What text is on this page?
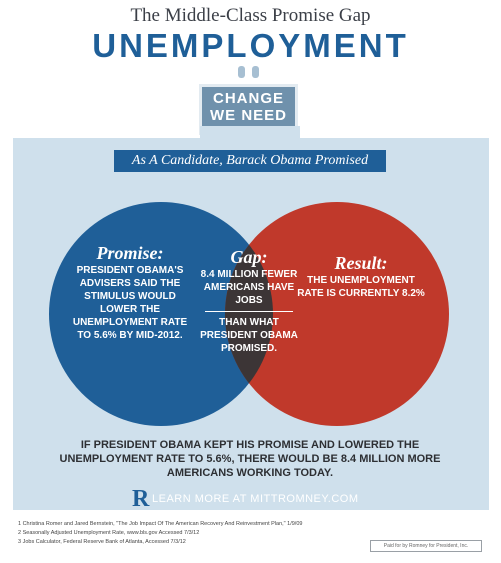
The Middle-Class Promise Gap
UNEMPLOYMENT
CHANGE
WE NEED
As A Candidate, Barack Obama Promised
Promise:
PRESIDENT OBAMA'S ADVISERS SAID THE STIMULUS WOULD
LOWER THE UNEMPLOYMENT RATE TO 5.6% BY MID-2012.
Gap:
8.4 MILLION FEWER AMERICANS HAVE JOBS
THAN WHAT PRESIDENT OBAMA PROMISED.
Result:
THE UNEMPLOYMENT RATE IS CURRENTLY 8.2%
IF PRESIDENT OBAMA KEPT HIS PROMISE AND LOWERED THE UNEMPLOYMENT RATE TO 5.6%, THERE WOULD BE 8.4 MILLION MORE AMERICANS WORKING TODAY.
R LEARN MORE AT MITTROMNEY.COM
1 Christina Romer and Jared Bernstein, "The Job Impact Of The American Recovery And Reinvestment Plan," 1/9/09
2 Seasonally Adjusted Unemployment Rate, www.bls.gov Accessed 7/3/12
3 Jobs Calculator, Federal Reserve Bank of Atlanta, Accessed 7/3/12
Paid for by Romney for President, Inc.
